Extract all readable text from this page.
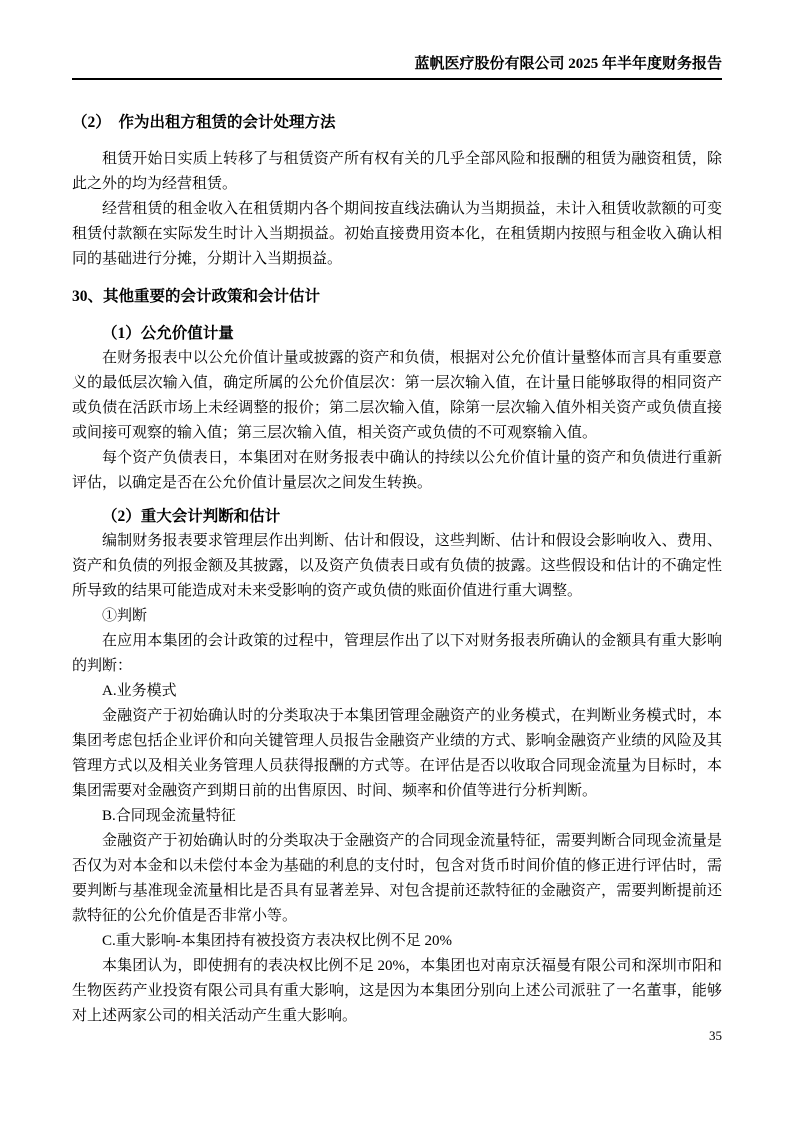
蓝帆医疗股份有限公司 2025 年半年度财务报告
（2）　作为出租方租赁的会计处理方法

租赁开始日实质上转移了与租赁资产所有权有关的几乎全部风险和报酬的租赁为融资租赁，除此之外的均为经营租赁。

经营租赁的租金收入在租赁期内各个期间按直线法确认为当期损益，未计入租赁收款额的可变租赁付款额在实际发生时计入当期损益。初始直接费用资本化，在租赁期内按照与租金收入确认相同的基础进行分摊，分期计入当期损益。

30、其他重要的会计政策和会计估计
（1）公允价值计量

在财务报表中以公允价值计量或披露的资产和负债，根据对公允价值计量整体而言具有重要意义的最低层次输入值，确定所属的公允价值层次：第一层次输入值，在计量日能够取得的相同资产或负债在活跃市场上未经调整的报价；第二层次输入值，除第一层次输入值外相关资产或负债直接或间接可观察的输入值；第三层次输入值，相关资产或负债的不可观察输入值。

每个资产负债表日，本集团对在财务报表中确认的持续以公允价值计量的资产和负债进行重新评估，以确定是否在公允价值计量层次之间发生转换。

（2）重大会计判断和估计

编制财务报表要求管理层作出判断、估计和假设，这些判断、估计和假设会影响收入、费用、资产和负债的列报金额及其披露，以及资产负债表日或有负债的披露。这些假设和估计的不确定性所导致的结果可能造成对未来受影响的资产或负债的账面价值进行重大调整。

①判断

在应用本集团的会计政策的过程中，管理层作出了以下对财务报表所确认的金额具有重大影响的判断：

A.业务模式

金融资产于初始确认时的分类取决于本集团管理金融资产的业务模式，在判断业务模式时，本集团考虑包括企业评价和向关键管理人员报告金融资产业绩的方式、影响金融资产业绩的风险及其管理方式以及相关业务管理人员获得报酬的方式等。在评估是否以收取合同现金流量为目标时，本集团需要对金融资产到期日前的出售原因、时间、频率和价值等进行分析判断。

B.合同现金流量特征

金融资产于初始确认时的分类取决于金融资产的合同现金流量特征，需要判断合同现金流量是否仅为对本金和以未偿付本金为基础的利息的支付时，包含对货币时间价值的修正进行评估时，需要判断与基准现金流量相比是否具有显著差异、对包含提前还款特征的金融资产，需要判断提前还款特征的公允价值是否非常小等。

C.重大影响-本集团持有被投资方表决权比例不足 20%

本集团认为，即使拥有的表决权比例不足 20%，本集团也对南京沃福曼有限公司和深圳市阳和生物医药产业投资有限公司具有重大影响，这是因为本集团分别向上述公司派驻了一名董事，能够对上述两家公司的相关活动产生重大影响。

35
